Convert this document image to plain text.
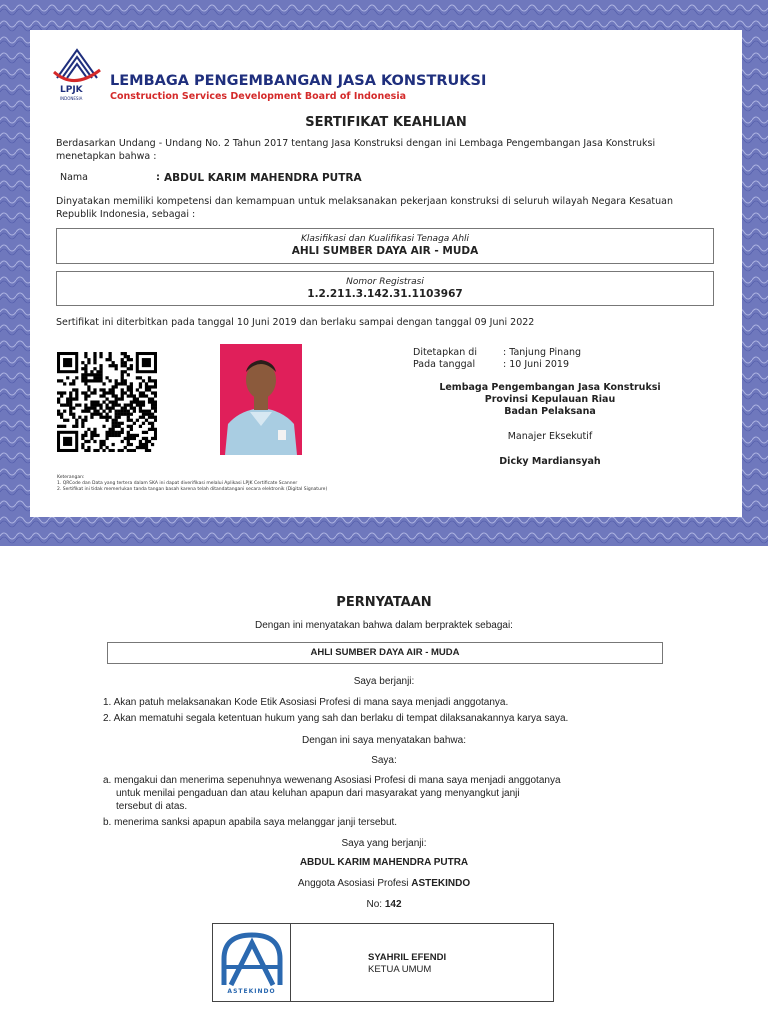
LPJK
INDONESIA
LEMBAGA PENGEMBANGAN JASA KONSTRUKSI
Construction Services Development Board of Indonesia
SERTIFIKAT KEAHLIAN
Berdasarkan Undang - Undang No. 2 Tahun 2017 tentang Jasa Konstruksi dengan ini Lembaga Pengembangan Jasa Konstruksi menetapkan bahwa :
Nama	: ABDUL KARIM MAHENDRA PUTRA
Dinyatakan memiliki kompetensi dan kemampuan untuk melaksanakan pekerjaan konstruksi di seluruh wilayah Negara Kesatuan Republik Indonesia, sebagai :
Klasifikasi dan Kualifikasi Tenaga Ahli
AHLI SUMBER DAYA AIR - MUDA
Nomor Registrasi
1.2.211.3.142.31.1103967
Sertifikat ini diterbitkan pada tanggal 10 Juni 2019 dan berlaku sampai dengan tanggal 09 Juni 2022
Ditetapkan di	: Tanjung Pinang
Pada tanggal	: 10 Juni 2019
Lembaga Pengembangan Jasa Konstruksi
Provinsi Kepulauan Riau
Badan Pelaksana
Manajer Eksekutif
Dicky Mardiansyah
Keterangan:
1. QRCode dan Data yang tertera dalam SKA ini dapat diverifikasi melalui Aplikasi LPJK Certificate Scanner
2. Sertifikat ini tidak memerlukan tanda tangan basah karena telah ditandatangani secara elektronik (Digital Signature)
PERNYATAAN
Dengan ini menyatakan bahwa dalam berpraktek sebagai:
AHLI SUMBER DAYA AIR - MUDA
Saya berjanji:
1. Akan patuh melaksanakan Kode Etik Asosiasi Profesi di mana saya menjadi anggotanya.
2. Akan mematuhi segala ketentuan hukum yang sah dan berlaku di tempat dilaksanakannya karya saya.
Dengan ini saya menyatakan bahwa:
Saya:
a. mengakui dan menerima sepenuhnya wewenang Asosiasi Profesi di mana saya menjadi anggotanya
untuk menilai pengaduan dan atau keluhan apapun dari masyarakat yang menyangkut janji
tersebut di atas.
b. menerima sanksi apapun apabila saya melanggar janji tersebut.
Saya yang berjanji:
ABDUL KARIM MAHENDRA PUTRA
Anggota Asosiasi Profesi ASTEKINDO
No: 142
ASTEKINDO
SYAHRIL EFENDI
KETUA UMUM
